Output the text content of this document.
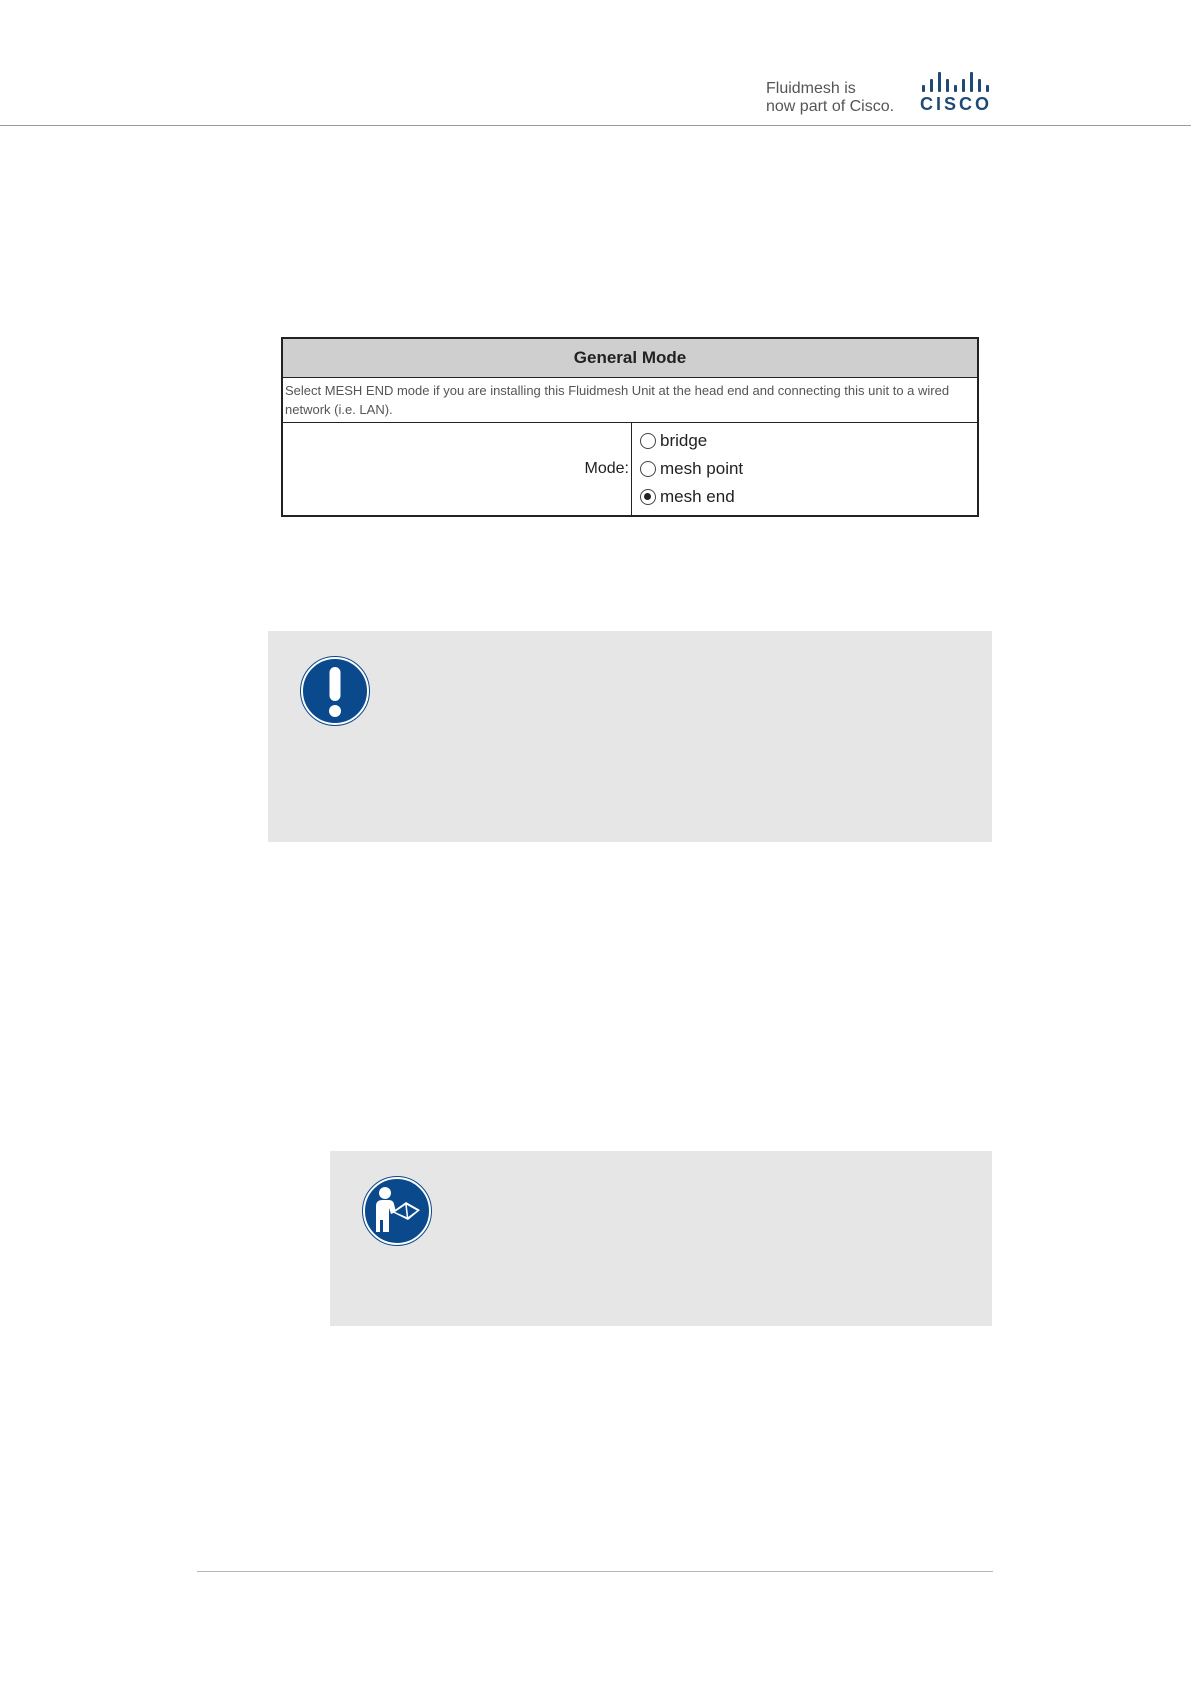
Fluidmesh is
now part of Cisco. CISCO
General Mode
Select MESH END mode if you are installing this Fluidmesh Unit at the head end and connecting this unit to a wired network (i.e. LAN).
Mode:	
bridge
mesh point
mesh end
